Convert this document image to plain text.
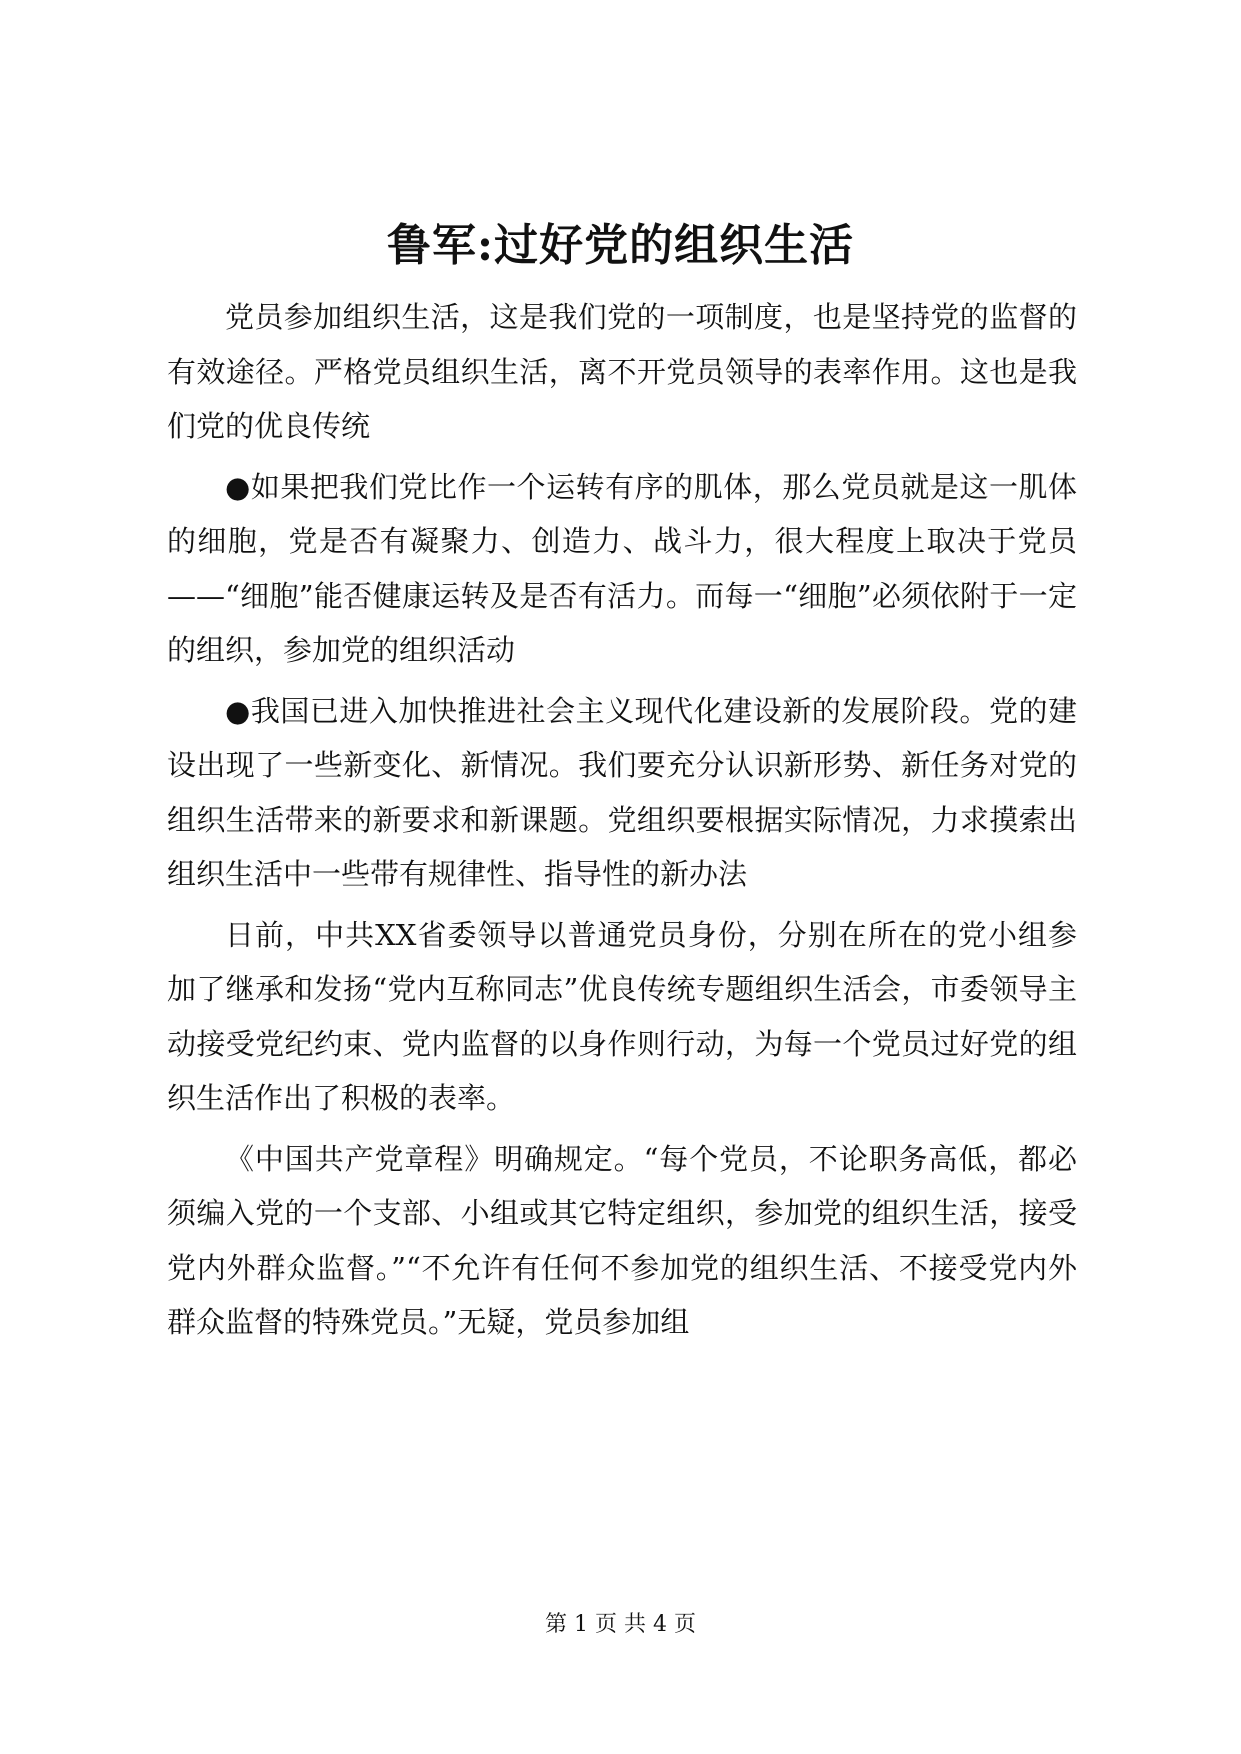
鲁军:过好党的组织生活

党员参加组织生活，这是我们党的一项制度，也是坚持党的监督的有效途径。严格党员组织生活，离不开党员领导的表率作用。这也是我们党的优良传统

●如果把我们党比作一个运转有序的肌体，那么党员就是这一肌体的细胞，党是否有凝聚力、创造力、战斗力，很大程度上取决于党员——“细胞”能否健康运转及是否有活力。而每一“细胞”必须依附于一定的组织，参加党的组织活动

●我国已进入加快推进社会主义现代化建设新的发展阶段。党的建设出现了一些新变化、新情况。我们要充分认识新形势、新任务对党的组织生活带来的新要求和新课题。党组织要根据实际情况，力求摸索出组织生活中一些带有规律性、指导性的新办法

日前，中共XX省委领导以普通党员身份，分别在所在的党小组参加了继承和发扬“党内互称同志”优良传统专题组织生活会，市委领导主动接受党纪约束、党内监督的以身作则行动，为每一个党员过好党的组织生活作出了积极的表率。

《中国共产党章程》明确规定。“每个党员，不论职务高低，都必须编入党的一个支部、小组或其它特定组织，参加党的组织生活，接受党内外群众监督。”“不允许有任何不参加党的组织生活、不接受党内外群众监督的特殊党员。”无疑，党员参加组

第 1 页 共 4 页
